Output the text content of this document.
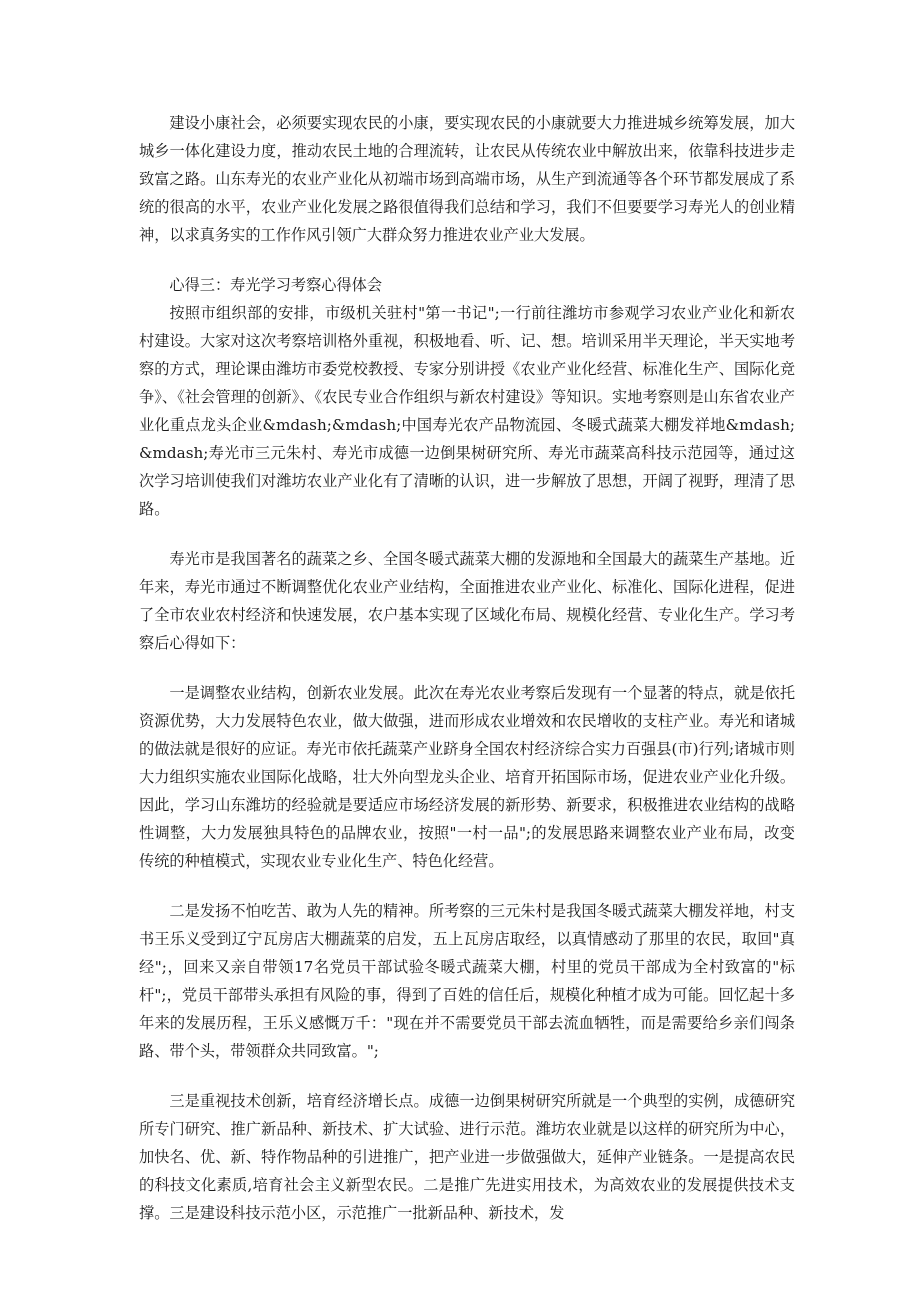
建设小康社会，必须要实现农民的小康，要实现农民的小康就要大力推进城乡统筹发展，加大城乡一体化建设力度，推动农民土地的合理流转，让农民从传统农业中解放出来，依靠科技进步走致富之路。山东寿光的农业产业化从初端市场到高端市场，从生产到流通等各个环节都发展成了系统的很高的水平，农业产业化发展之路很值得我们总结和学习，我们不但要要学习寿光人的创业精神，以求真务实的工作作风引领广大群众努力推进农业产业大发展。

心得三：寿光学习考察心得体会

按照市组织部的安排，市级机关驻村"第一书记";一行前往潍坊市参观学习农业产业化和新农村建设。大家对这次考察培训格外重视，积极地看、听、记、想。培训采用半天理论，半天实地考察的方式，理论课由潍坊市委党校教授、专家分别讲授《农业产业化经营、标准化生产、国际化竞争》、《社会管理的创新》、《农民专业合作组织与新农村建设》等知识。实地考察则是山东省农业产业化重点龙头企业&mdash;&mdash;中国寿光农产品物流园、冬暖式蔬菜大棚发祥地&mdash;&mdash;寿光市三元朱村、寿光市成德一边倒果树研究所、寿光市蔬菜高科技示范园等，通过这次学习培训使我们对潍坊农业产业化有了清晰的认识，进一步解放了思想，开阔了视野，理清了思路。

寿光市是我国著名的蔬菜之乡、全国冬暖式蔬菜大棚的发源地和全国最大的蔬菜生产基地。近年来，寿光市通过不断调整优化农业产业结构，全面推进农业产业化、标准化、国际化进程，促进了全市农业农村经济和快速发展，农户基本实现了区域化布局、规模化经营、专业化生产。学习考察后心得如下：

一是调整农业结构，创新农业发展。此次在寿光农业考察后发现有一个显著的特点，就是依托资源优势，大力发展特色农业，做大做强，进而形成农业增效和农民增收的支柱产业。寿光和诸城的做法就是很好的应证。寿光市依托蔬菜产业跻身全国农村经济综合实力百强县(市)行列;诸城市则大力组织实施农业国际化战略，壮大外向型龙头企业、培育开拓国际市场，促进农业产业化升级。因此，学习山东潍坊的经验就是要适应市场经济发展的新形势、新要求，积极推进农业结构的战略性调整，大力发展独具特色的品牌农业，按照"一村一品";的发展思路来调整农业产业布局，改变传统的种植模式，实现农业专业化生产、特色化经营。

二是发扬不怕吃苦、敢为人先的精神。所考察的三元朱村是我国冬暖式蔬菜大棚发祥地，村支书王乐义受到辽宁瓦房店大棚蔬菜的启发，五上瓦房店取经，以真情感动了那里的农民，取回"真经";，回来又亲自带领17名党员干部试验冬暖式蔬菜大棚，村里的党员干部成为全村致富的"标杆";，党员干部带头承担有风险的事，得到了百姓的信任后，规模化种植才成为可能。回忆起十多年来的发展历程，王乐义感慨万千："现在并不需要党员干部去流血牺牲，而是需要给乡亲们闯条路、带个头，带领群众共同致富。";

三是重视技术创新，培育经济增长点。成德一边倒果树研究所就是一个典型的实例，成德研究所专门研究、推广新品种、新技术、扩大试验、进行示范。潍坊农业就是以这样的研究所为中心，加快名、优、新、特作物品种的引进推广，把产业进一步做强做大，延伸产业链条。一是提高农民的科技文化素质,培育社会主义新型农民。二是推广先进实用技术，为高效农业的发展提供技术支撑。三是建设科技示范小区，示范推广一批新品种、新技术，发
